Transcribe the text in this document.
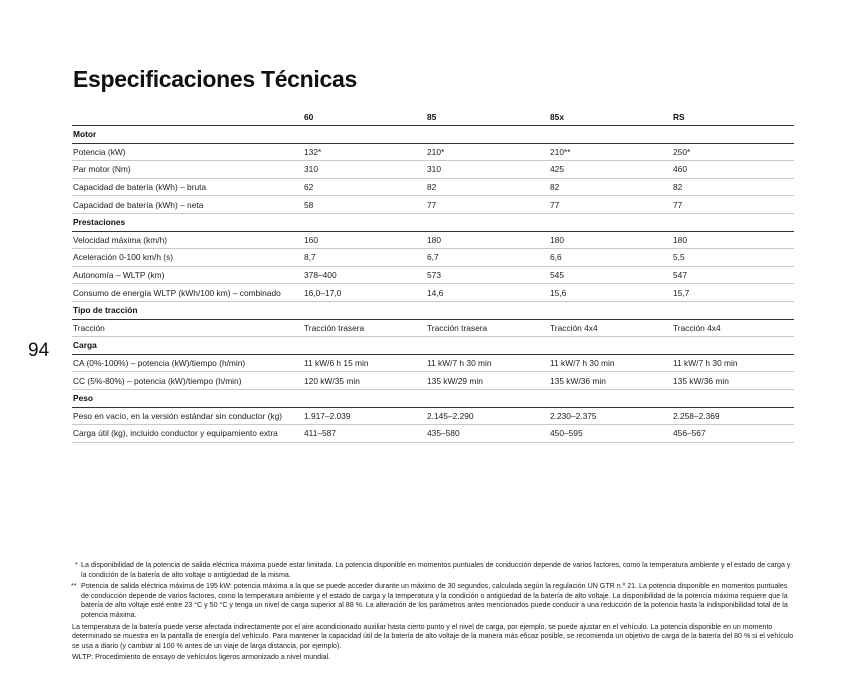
Especificaciones Técnicas
94
	60	85	85x	RS
Motor				
Potencia (kW)	132*	210*	210**	250*
Par motor (Nm)	310	310	425	460
Capacidad de batería (kWh) – bruta	62	82	82	82
Capacidad de batería (kWh) – neta	58	77	77	77
Prestaciones				
Velocidad máxima (km/h)	160	180	180	180
Aceleración 0-100 km/h (s)	8,7	6,7	6,6	5,5
Autonomía – WLTP (km)	378–400	573	545	547
Consumo de energía WLTP (kWh/100 km) – combinado	16,0–17,0	14,6	15,6	15,7
Tipo de tracción				
Tracción	Tracción trasera	Tracción trasera	Tracción 4x4	Tracción 4x4
Carga				
CA (0%-100%) – potencia (kW)/tiempo (h/min)	11 kW/6 h 15 min	11 kW/7 h 30 min	11 kW/7 h 30 min	11 kW/7 h 30 min
CC (5%-80%) – potencia (kW)/tiempo (h/min)	120 kW/35 min	135 kW/29 min	135 kW/36 min	135 kW/36 min
Peso				
Peso en vacío, en la versión estándar sin conductor (kg)	1.917–2.039	2.145–2.290	2.230–2.375	2.258–2.369
Carga útil (kg), incluido conductor y equipamiento extra	411–587	435–580	450–595	456–567
* La disponibilidad de la potencia de salida eléctrica máxima puede estar limitada. La potencia disponible en momentos puntuales de conducción depende de varios factores, como la temperatura ambiente y el estado de carga y la condición de la batería de alto voltaje o antigüedad de la misma.
** Potencia de salida eléctrica máxima de 195 kW: potencia máxima a la que se puede acceder durante un máximo de 30 segundos, calculada según la regulación UN GTR n.º 21. La potencia disponible en momentos puntuales de conducción depende de varios factores, como la temperatura ambiente y el estado de carga y la temperatura y la condición o antigüedad de la batería de alto voltaje. La disponibilidad de la potencia máxima requiere que la batería de alto voltaje esté entre 23 °C y 50 °C y tenga un nivel de carga superior al 88 %. La alteración de los parámetros antes mencionados puede conducir a una reducción de la potencia hasta la indisponibilidad total de la potencia máxima.
La temperatura de la batería puede verse afectada indirectamente por el aire acondicionado auxiliar hasta cierto punto y el nivel de carga, por ejemplo, se puede ajustar en el vehículo. La potencia disponible en un momento determinado se muestra en la pantalla de energía del vehículo. Para mantener la capacidad útil de la batería de alto voltaje de la manera más eficaz posible, se recomienda un objetivo de carga de la batería del 80 % si el vehículo se usa a diario (y cambiar al 100 % antes de un viaje de larga distancia, por ejemplo).
WLTP: Procedimiento de ensayo de vehículos ligeros armonizado a nivel mundial.
